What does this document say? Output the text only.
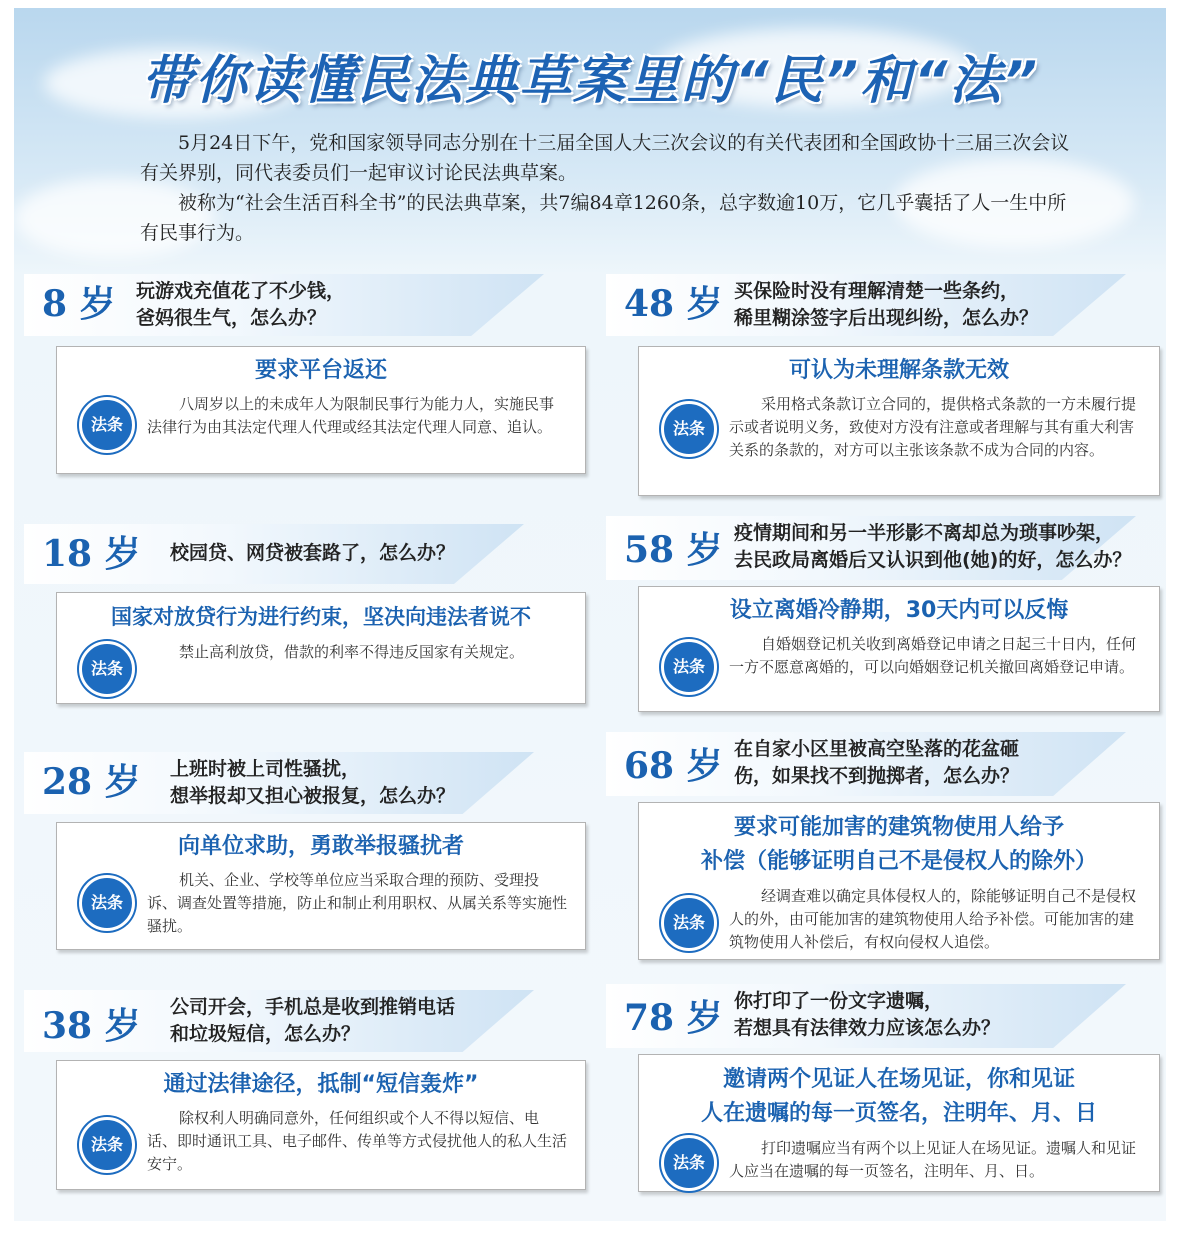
带你读懂民法典草案里的“民”和“法”

5月24日下午，党和国家领导同志分别在十三届全国人大三次会议的有关代表团和全国政协十三届三次会议有关界别，同代表委员们一起审议讨论民法典草案。

被称为“社会生活百科全书”的民法典草案，共7编84章1260条，总字数逾10万，它几乎囊括了人一生中所有民事行为。

8 岁 玩游戏充值花了不少钱，
爸妈很生气，怎么办？
要求平台返还
法条
八周岁以上的未成年人为限制民事行为能力人，实施民事法律行为由其法定代理人代理或经其法定代理人同意、追认。
18 岁 校园贷、网贷被套路了，怎么办？
国家对放贷行为进行约束，坚决向违法者说不
法条
禁止高利放贷，借款的利率不得违反国家有关规定。
28 岁 上班时被上司性骚扰，
想举报却又担心被报复，怎么办？
向单位求助，勇敢举报骚扰者
法条
机关、企业、学校等单位应当采取合理的预防、受理投诉、调查处置等措施，防止和制止利用职权、从属关系等实施性骚扰。
38 岁 公司开会，手机总是收到推销电话
和垃圾短信，怎么办？
通过法律途径，抵制“短信轰炸”
法条
除权利人明确同意外，任何组织或个人不得以短信、电话、即时通讯工具、电子邮件、传单等方式侵扰他人的私人生活安宁。
48 岁 买保险时没有理解清楚一些条约，
稀里糊涂签字后出现纠纷，怎么办？
可认为未理解条款无效
法条
采用格式条款订立合同的，提供格式条款的一方未履行提示或者说明义务，致使对方没有注意或者理解与其有重大利害关系的条款的，对方可以主张该条款不成为合同的内容。
58 岁 疫情期间和另一半形影不离却总为琐事吵架，
去民政局离婚后又认识到他(她)的好，怎么办？
设立离婚冷静期，30天内可以反悔
法条
自婚姻登记机关收到离婚登记申请之日起三十日内，任何一方不愿意离婚的，可以向婚姻登记机关撤回离婚登记申请。
68 岁 在自家小区里被高空坠落的花盆砸
伤，如果找不到抛掷者，怎么办？
要求可能加害的建筑物使用人给予
补偿（能够证明自己不是侵权人的除外）
法条
经调查难以确定具体侵权人的，除能够证明自己不是侵权人的外，由可能加害的建筑物使用人给予补偿。可能加害的建筑物使用人补偿后，有权向侵权人追偿。
78 岁 你打印了一份文字遗嘱，
若想具有法律效力应该怎么办？
邀请两个见证人在场见证，你和见证
人在遗嘱的每一页签名，注明年、月、日
法条
打印遗嘱应当有两个以上见证人在场见证。遗嘱人和见证人应当在遗嘱的每一页签名，注明年、月、日。
